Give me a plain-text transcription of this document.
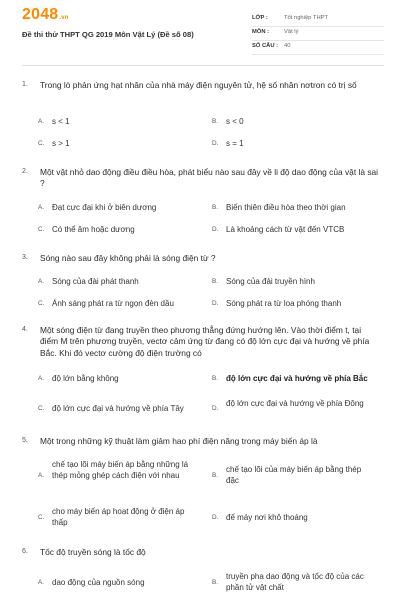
2048.vn
Đề thi thử THPT QG 2019 Môn Vật Lý (Đề số 08)
LỚP :	Tốt nghiệp THPT
MÔN :	Vật lý
SỐ CÂU : 40
1. Trong lò phản ứng hạt nhân của nhà máy điện nguyên tử, hệ số nhân nơtron có trị số
A. s < 1	B. s < 0
C. s > 1	D. s = 1
2. Một vật nhỏ dao động điều điều hòa, phát biểu nào sau đây về li độ dao động của vật là sai ?
A. Đạt cực đại khi ở biên dương	B. Biến thiên điều hòa theo thời gian
C. Có thể âm hoặc dương	D. Là khoảng cách từ vật đến VTCB
3. Sóng nào sau đây không phải là sóng điện từ ?
A. Sóng của đài phát thanh	B. Sóng của đài truyền hình
C. Ánh sáng phát ra từ ngọn đèn dầu	D. Sóng phát ra từ loa phóng thanh
4. Một sóng điện từ đang truyền theo phương thẳng đứng hướng lên. Vào thời điểm t, tại điểm M trên phương truyền, vectơ cảm ứng từ đang có độ lớn cực đại và hướng về phía Bắc. Khi đó vectơ cường độ điện trường có
A. độ lớn bằng không	B. độ lớn cực đại và hướng về phía Bắc
C. độ lớn cực đại và hướng về phía Tây	D.
độ lớn cực đại và hướng về phía Đông
5. Một trong những kỹ thuật làm giảm hao phí điện năng trong máy biến áp là
A.
chế tạo lõi máy biến áp bằng những lá thép mỏng ghép cách điện với nhau	B.
chế tạo lõi của máy biến áp bằng thép đặc
C.
cho máy biến áp hoạt động ở điện áp thấp	D. đế máy nơi khô thoáng
6. Tốc độ truyền sóng là tốc độ
A. dao động của nguồn sóng	B.
truyền pha dao động và tốc độ của các phần tử vật chất
